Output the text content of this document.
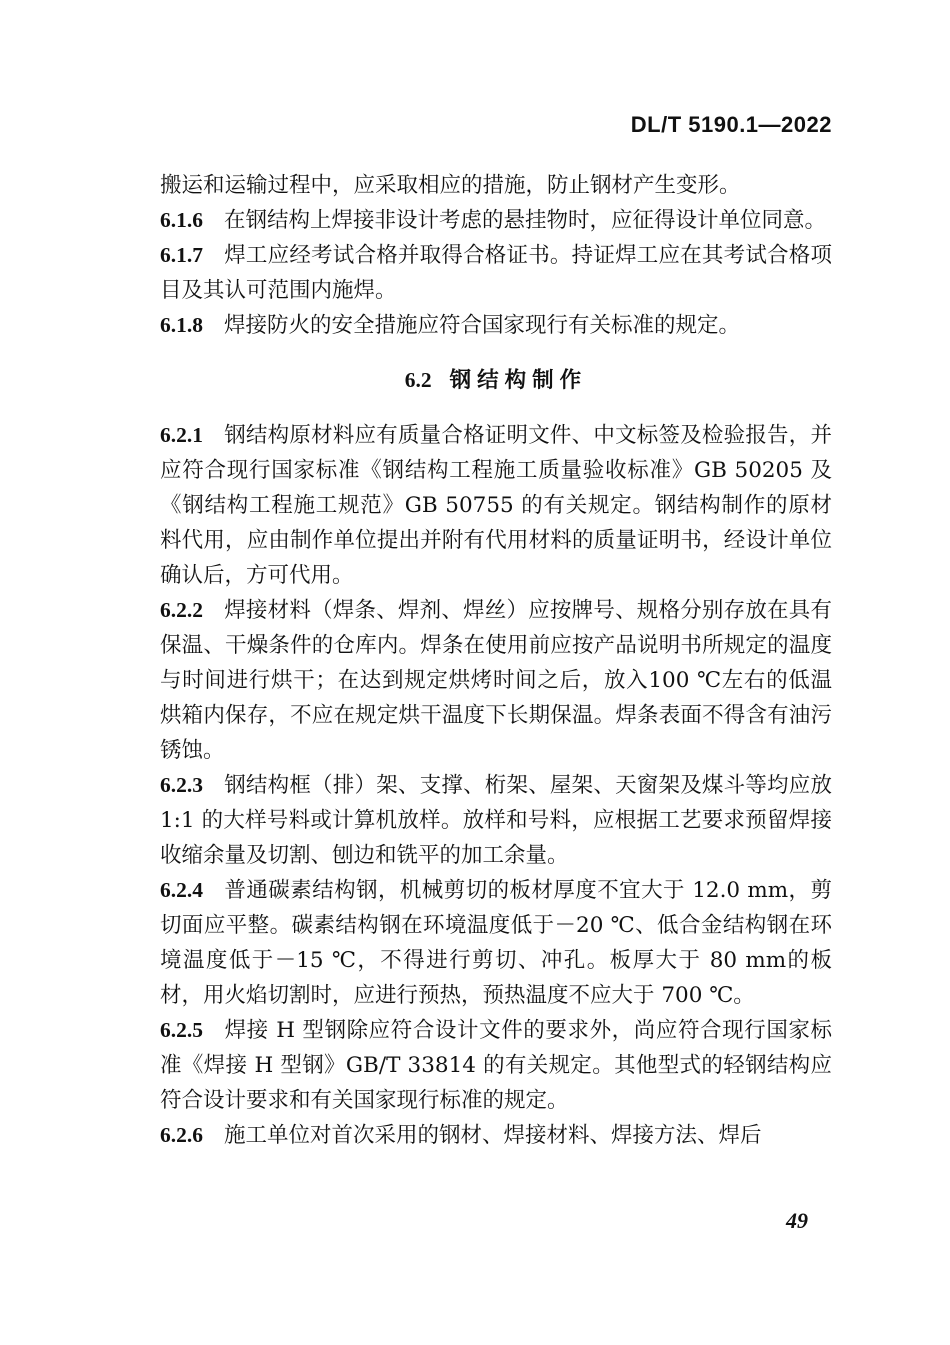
DL/T 5190.1—2022

搬运和运输过程中，应采取相应的措施，防止钢材产生变形。

6.1.6 在钢结构上焊接非设计考虑的悬挂物时，应征得设计单位同意。

6.1.7 焊工应经考试合格并取得合格证书。持证焊工应在其考试合格项目及其认可范围内施焊。

6.1.8 焊接防火的安全措施应符合国家现行有关标准的规定。

6.2 钢结构制作

6.2.1 钢结构原材料应有质量合格证明文件、中文标签及检验报告，并应符合现行国家标准《钢结构工程施工质量验收标准》GB 50205 及《钢结构工程施工规范》GB 50755 的有关规定。钢结构制作的原材料代用，应由制作单位提出并附有代用材料的质量证明书，经设计单位确认后，方可代用。

6.2.2 焊接材料（焊条、焊剂、焊丝）应按牌号、规格分别存放在具有保温、干燥条件的仓库内。焊条在使用前应按产品说明书所规定的温度与时间进行烘干；在达到规定烘烤时间之后，放入100 ℃左右的低温烘箱内保存，不应在规定烘干温度下长期保温。焊条表面不得含有油污锈蚀。

6.2.3 钢结构框（排）架、支撑、桁架、屋架、天窗架及煤斗等均应放 1:1 的大样号料或计算机放样。放样和号料，应根据工艺要求预留焊接收缩余量及切割、刨边和铣平的加工余量。

6.2.4 普通碳素结构钢，机械剪切的板材厚度不宜大于 12.0 mm，剪切面应平整。碳素结构钢在环境温度低于－20 ℃、低合金结构钢在环境温度低于－15 ℃，不得进行剪切、冲孔。板厚大于 80 mm的板材，用火焰切割时，应进行预热，预热温度不应大于 700 ℃。

6.2.5 焊接 H 型钢除应符合设计文件的要求外，尚应符合现行国家标准《焊接 H 型钢》GB/T 33814 的有关规定。其他型式的轻钢结构应符合设计要求和有关国家现行标准的规定。

6.2.6 施工单位对首次采用的钢材、焊接材料、焊接方法、焊后

49
